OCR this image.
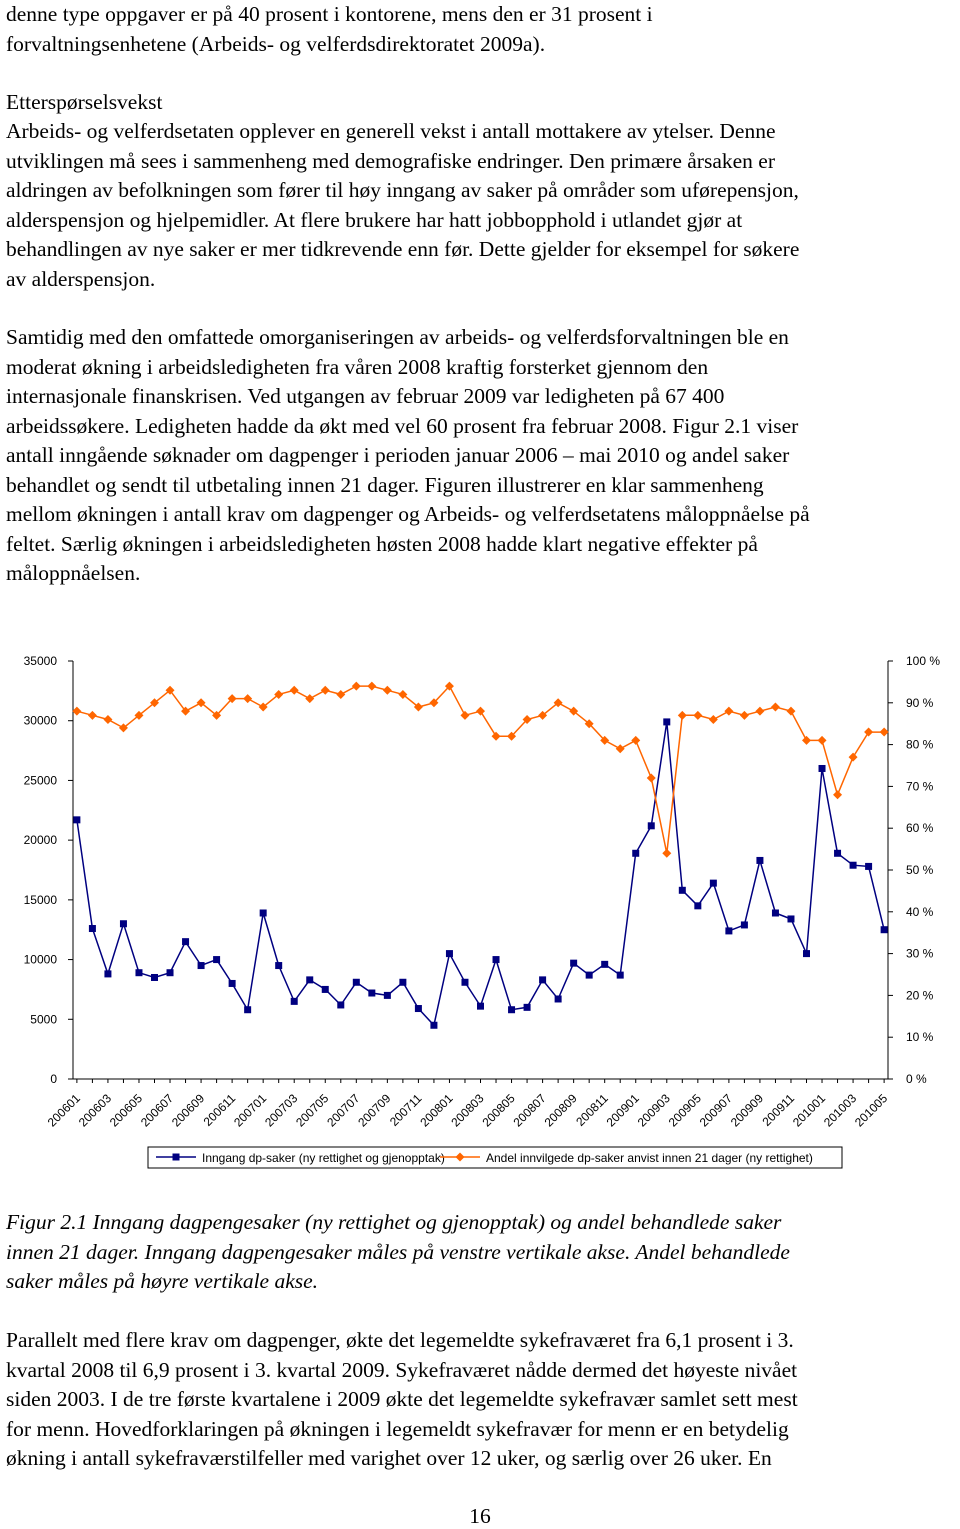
denne type oppgaver er på 40 prosent i kontorene, mens den er 31 prosent i
forvaltningsenhetene (Arbeids- og velferdsdirektoratet 2009a).
Etterspørselsvekst
Arbeids- og velferdsetaten opplever en generell vekst i antall mottakere av ytelser. Denne
utviklingen må sees i sammenheng med demografiske endringer. Den primære årsaken er
aldringen av befolkningen som fører til høy inngang av saker på områder som uførepensjon,
alderspensjon og hjelpemidler. At flere brukere har hatt jobbopphold i utlandet gjør at
behandlingen av nye saker er mer tidkrevende enn før. Dette gjelder for eksempel for søkere
av alderspensjon.
Samtidig med den omfattede omorganiseringen av arbeids- og velferdsforvaltningen ble en
moderat økning i arbeidsledigheten fra våren 2008 kraftig forsterket gjennom den
internasjonale finanskrisen. Ved utgangen av februar 2009 var ledigheten på 67 400
arbeidssøkere. Ledigheten hadde da økt med vel 60 prosent fra februar 2008. Figur 2.1 viser
antall inngående søknader om dagpenger i perioden januar 2006 – mai 2010 og andel saker
behandlet og sendt til utbetaling innen 21 dager. Figuren illustrerer en klar sammenheng
mellom økningen i antall krav om dagpenger og Arbeids- og velferdsetatens måloppnåelse på
feltet. Særlig økningen i arbeidsledigheten høsten 2008 hadde klart negative effekter på
måloppnåelsen.
0
5000
10000
15000
20000
25000
30000
35000
0 %
10 %
20 %
30 %
40 %
50 %
60 %
70 %
80 %
90 %
100 %
200601
200603
200605
200607
200609
200611
200701
200703
200705
200707
200709
200711
200801
200803
200805
200807
200809
200811
200901
200903
200905
200907
200909
200911
201001
201003
201005
Inngang dp-saker (ny rettighet og gjenopptak)	Andel innvilgede dp-saker anvist innen 21 dager (ny rettighet)
Figur 2.1 Inngang dagpengesaker (ny rettighet og gjenopptak) og andel behandlede saker
innen 21 dager. Inngang dagpengesaker måles på venstre vertikale akse. Andel behandlede
saker måles på høyre vertikale akse.
Parallelt med flere krav om dagpenger, økte det legemeldte sykefraværet fra 6,1 prosent i 3.
kvartal 2008 til 6,9 prosent i 3. kvartal 2009. Sykefraværet nådde dermed det høyeste nivået
siden 2003. I de tre første kvartalene i 2009 økte det legemeldte sykefravær samlet sett mest
for menn. Hovedforklaringen på økningen i legemeldt sykefravær for menn er en betydelig
økning i antall sykefraværstilfeller med varighet over 12 uker, og særlig over 26 uker. En
16
